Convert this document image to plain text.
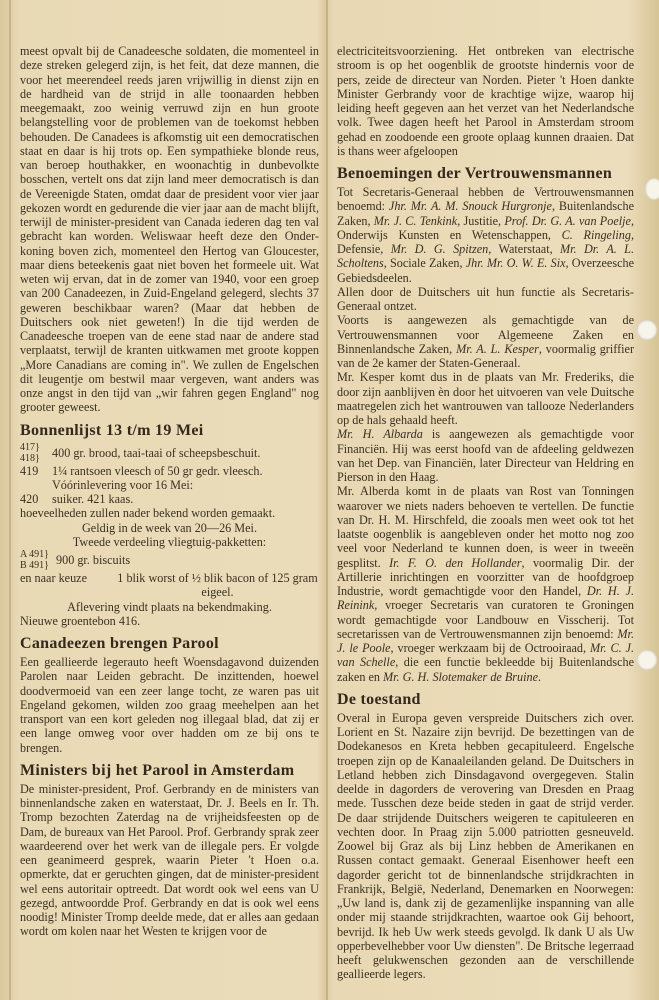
meest opvalt bij de Canadeesche soldaten, die momenteel in deze streken gelegerd zijn, is het feit, dat deze mannen, die voor het meerendeel reeds jaren vrijwillig in dienst zijn en de hardheid van de strijd in alle toonaarden hebben meegemaakt, zoo weinig verruwd zijn en hun groote belangstelling voor de problemen van de toekomst hebben behouden. De Canadees is afkomstig uit een democratischen staat en daar is hij trots op. Een sympathieke blonde reus, van beroep houthakker, en woonachtig in dunbevolkte bosschen, vertelt ons dat zijn land meer democratisch is dan de Vereenigde Staten, omdat daar de president voor vier jaar gekozen wordt en gedurende die vier jaar aan de macht blijft, terwijl de minister-president van Canada iederen dag ten val gebracht kan worden. Weliswaar heeft deze den Onder-koning boven zich, momenteel den Hertog van Gloucester, maar diens beteekenis gaat niet boven het formeele uit. Wat weten wij ervan, dat in de zomer van 1940, voor een groep van 200 Canadeezen, in Zuid-Engeland gelegerd, slechts 37 geweren beschikbaar waren? (Maar dat hebben de Duitschers ook niet geweten!) In die tijd werden de Canadeesche troepen van de eene stad naar de andere stad verplaatst, terwijl de kranten uitkwamen met groote koppen „More Canadians are coming in". We zullen de Engelschen dit leugentje om bestwil maar vergeven, want anders was onze angst in den tijd van „wir fahren gegen England" nog grooter geweest.

Bonnenlijst 13 t/m 19 Mei
417} 418} 400 gr. brood, taai-taai of scheepsbeschuit.
419	1¼ rantsoen vleesch of 50 gr gedr. vleesch.
Vóórinlevering voor 16 Mei:
420	suiker. 421 kaas.
hoeveelheden zullen nader bekend worden gemaakt.
Geldig in de week van 20—26 Mei.
Tweede verdeeling vliegtuig-pakketten:
A 491} B 491} 900 gr. biscuits
en naar keuze	1 blik worst of ½ blik bacon of 125 gram eigeel.
Aflevering vindt plaats na bekendmaking.
Nieuwe groentebon 416.
Canadeezen brengen Parool

Een geallieerde legerauto heeft Woensdagavond duizenden Parolen naar Leiden gebracht. De inzittenden, hoewel doodvermoeid van een zeer lange tocht, ze waren pas uit Engeland gekomen, wilden zoo graag meehelpen aan het transport van een kort geleden nog illegaal blad, dat zij er een lange omweg voor over hadden om ze bij ons te brengen.

Ministers bij het Parool in Amsterdam

De minister-president, Prof. Gerbrandy en de ministers van binnenlandsche zaken en waterstaat, Dr. J. Beels en Ir. Th. Tromp bezochten Zaterdag na de vrijheidsfeesten op de Dam, de bureaux van Het Parool. Prof. Gerbrandy sprak zeer waardeerend over het werk van de illegale pers. Er volgde een geanimeerd gesprek, waarin Pieter 't Hoen o.a. opmerkte, dat er geruchten gingen, dat de minister-president wel eens autoritair optreedt. Dat wordt ook wel eens van U gezegd, antwoordde Prof. Gerbrandy en dat is ook wel eens noodig! Minister Tromp deelde mede, dat er alles aan gedaan wordt om kolen naar het Westen te krijgen voor de

electriciteitsvoorziening. Het ontbreken van electrische stroom is op het oogenblik de grootste hindernis voor de pers, zeide de directeur van Norden. Pieter 't Hoen dankte Minister Gerbrandy voor de krachtige wijze, waarop hij leiding heeft gegeven aan het verzet van het Nederlandsche volk. Twee dagen heeft het Parool in Amsterdam stroom gehad en zoodoende een groote oplaag kunnen draaien. Dat is thans weer afgeloopen

Benoemingen der Vertrouwensmannen

Tot Secretaris-Generaal hebben de Vertrouwensmannen benoemd: Jhr. Mr. A. M. Snouck Hurgronje, Buitenlandsche Zaken, Mr. J. C. Tenkink, Justitie, Prof. Dr. G. A. van Poelje, Onderwijs Kunsten en Wetenschappen, C. Ringeling, Defensie, Mr. D. G. Spitzen, Waterstaat, Mr. Dr. A. L. Scholtens, Sociale Zaken, Jhr. Mr. O. W. E. Six, Overzeesche Gebiedsdeelen.

Allen door de Duitschers uit hun functie als Secretaris-Generaal ontzet.

Voorts is aangewezen als gemachtigde van de Vertrouwensmannen voor Algemeene Zaken en Binnenlandsche Zaken, Mr. A. L. Kesper, voormalig griffier van de 2e kamer der Staten-Generaal.

Mr. Kesper komt dus in de plaats van Mr. Frederiks, die door zijn aanblijven èn door het uitvoeren van vele Duitsche maatregelen zich het wantrouwen van tallooze Nederlanders op de hals gehaald heeft.

Mr. H. Albarda is aangewezen als gemachtigde voor Financiën. Hij was eerst hoofd van de afdeeling geldwezen van het Dep. van Financiën, later Directeur van Heldring en Pierson in den Haag.

Mr. Alberda komt in de plaats van Rost van Tonningen waarover we niets naders behoeven te vertellen. De functie van Dr. H. M. Hirschfeld, die zooals men weet ook tot het laatste oogenblik is aangebleven onder het motto nog zoo veel voor Nederland te kunnen doen, is weer in tweeën gesplitst. Ir. F. O. den Hollander, voormalig Dir. der Artillerie inrichtingen en voorzitter van de hoofdgroep Industrie, wordt gemachtigde voor den Handel, Dr. H. J. Reinink, vroeger Secretaris van curatoren te Groningen wordt gemachtigde voor Landbouw en Visscherij. Tot secretarissen van de Vertrouwensmannen zijn benoemd: Mr. J. le Poole, vroeger werkzaam bij de Octrooiraad, Mr. C. J. van Schelle, die een functie bekleedde bij Buitenlandsche zaken en Mr. G. H. Slotemaker de Bruine.

De toestand

Overal in Europa geven verspreide Duitschers zich over. Lorient en St. Nazaire zijn bevrijd. De bezettingen van de Dodekanesos en Kreta hebben gecapituleerd. Engelsche troepen zijn op de Kanaaleilanden geland. De Duitschers in Letland hebben zich Dinsdagavond overgegeven. Stalin deelde in dagorders de verovering van Dresden en Praag mede. Tusschen deze beide steden in gaat de strijd verder. De daar strijdende Duitschers weigeren te capituleeren en vechten door. In Praag zijn 5.000 patriotten gesneuveld. Zoowel bij Graz als bij Linz hebben de Amerikanen en Russen contact gemaakt. Generaal Eisenhower heeft een dagorder gericht tot de binnenlandsche strijdkrachten in Frankrijk, België, Nederland, Denemarken en Noorwegen: „Uw land is, dank zij de gezamenlijke inspanning van alle onder mij staande strijdkrachten, waartoe ook Gij behoort, bevrijd. Ik heb Uw werk steeds gevolgd. Ik dank U als Uw opperbevelhebber voor Uw diensten". De Britsche legerraad heeft gelukwenschen gezonden aan de verschillende geallieerde legers.
